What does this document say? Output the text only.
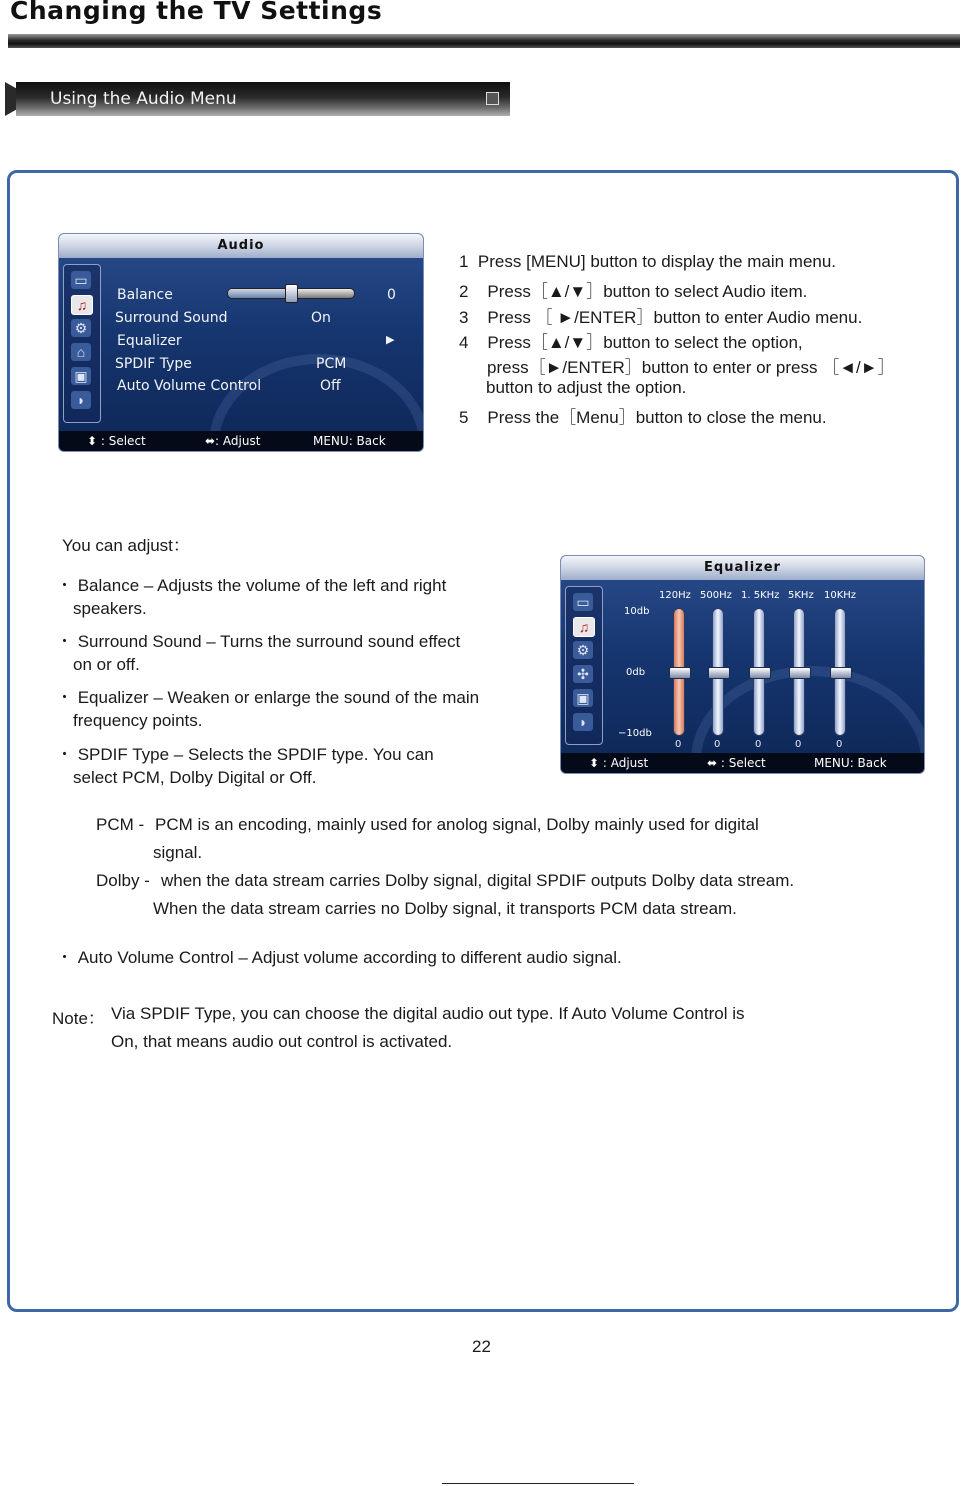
Changing the TV Settings
Using the Audio Menu
Audio
▭
♫
⚙
⌂
▣
◗
Balance	0
Surround Sound	On
Equalizer	▶
SPDIF Type	PCM
Auto Volume Control	Off
⬍ : Select	⬌: Adjust	MENU: Back
1 Press [MENU] button to display the main menu.
2 Press［▲/▼］button to select Audio item.
3 Press ［ ►/ENTER］button to enter Audio menu.
4 Press［▲/▼］button to select the option,
press［►/ENTER］button to enter or press ［◄/►］
button to adjust the option.
5 Press the［Menu］button to close the menu.
You can adjust：
・ Balance – Adjusts the volume of the left and right
speakers.
・ Surround Sound – Turns the surround sound effect
on or off.
・ Equalizer – Weaken or enlarge the sound of the main
frequency points.
・ SPDIF Type – Selects the SPDIF type. You can
select PCM, Dolby Digital or Off.
Equalizer
▭
♫
⚙
✣
▣
◗
10db
0db
−10db
120Hz 500Hz 1. 5KHz 5KHz 10KHz
0	0	0	0	0
⬍ : Adjust	⬌ : Select	MENU: Back
PCM - PCM is an encoding, mainly used for anolog signal, Dolby mainly used for digital
signal.
Dolby - when the data stream carries Dolby signal, digital SPDIF outputs Dolby data stream.
When the data stream carries no Dolby signal, it transports PCM data stream.
・ Auto Volume Control – Adjust volume according to different audio signal.
Note： Via SPDIF Type, you can choose the digital audio out type. If Auto Volume Control is
On, that means audio out control is activated.
22
